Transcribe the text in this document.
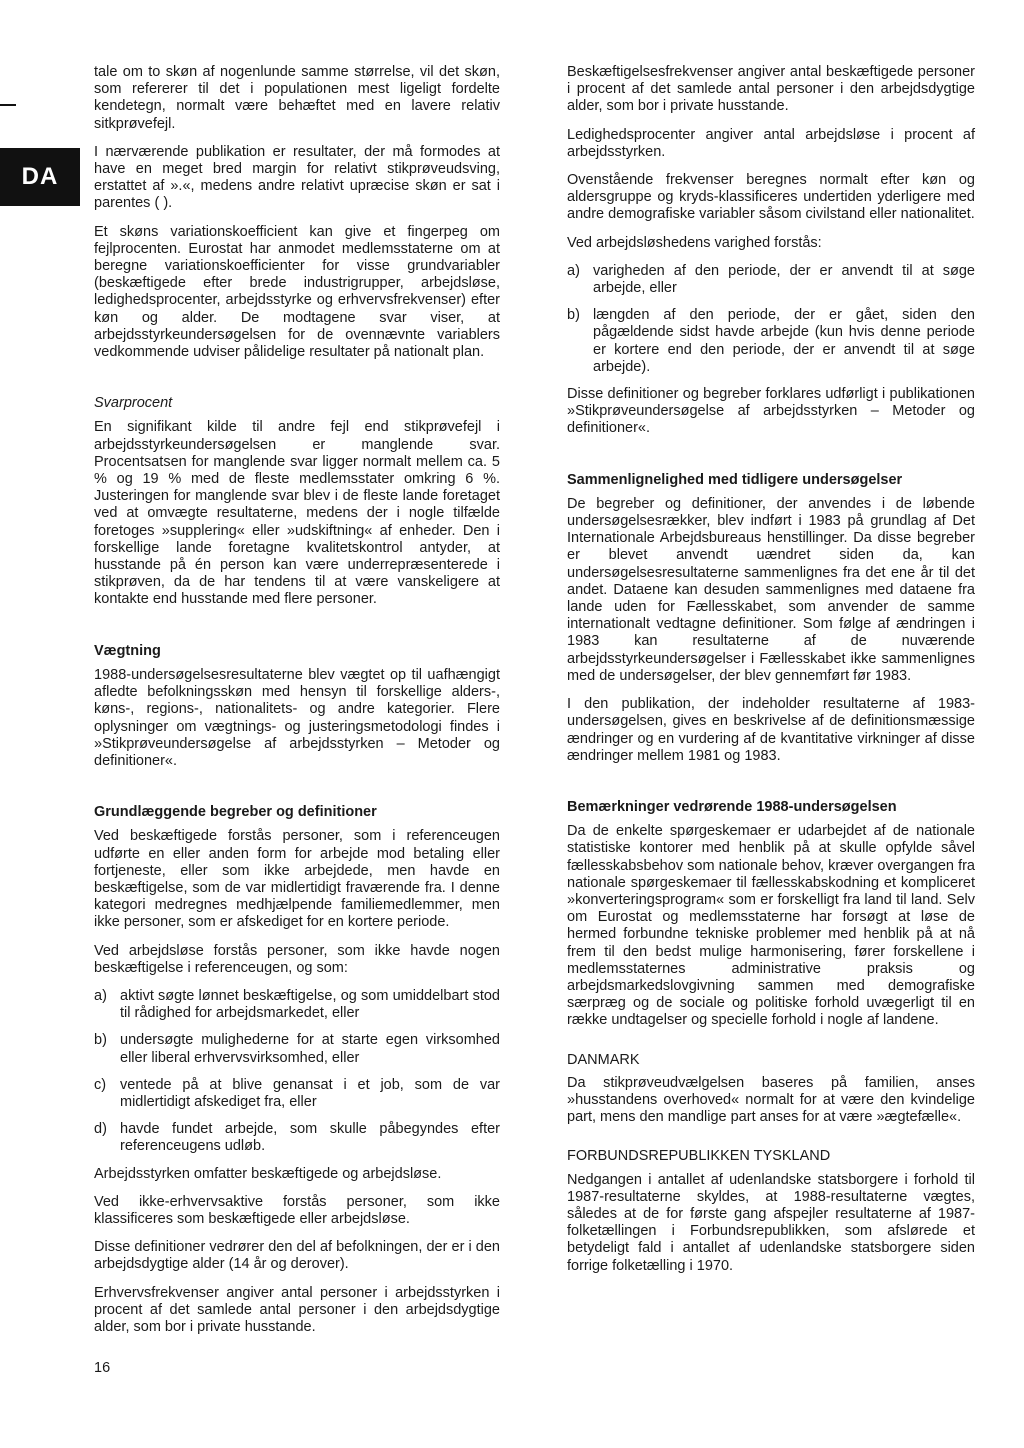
DA

tale om to skøn af nogenlunde samme størrelse, vil det skøn, som refererer til det i populationen mest ligeligt fordelte kendetegn, normalt være behæftet med en lavere relativ sitkprøvefejl.

I nærværende publikation er resultater, der må formodes at have en meget bred margin for relativt stikprøveudsving, erstattet af ».«, medens andre relativt upræcise skøn er sat i parentes ( ).

Et skøns variationskoefficient kan give et fingerpeg om fejlprocenten. Eurostat har anmodet medlemsstaterne om at beregne variationskoefficienter for visse grundvariabler (beskæftigede efter brede industrigrupper, arbejdsløse, ledighedsprocenter, arbejdsstyrke og erhvervsfrekvenser) efter køn og alder. De modtagene svar viser, at arbejdsstyrkeundersøgelsen for de ovennævnte variablers vedkommende udviser pålidelige resultater på nationalt plan.

Svarprocent

En signifikant kilde til andre fejl end stikprøvefejl i arbejdsstyrkeundersøgelsen er manglende svar. Procentsatsen for manglende svar ligger normalt mellem ca. 5 % og 19 % med de fleste medlemsstater omkring 6 %. Justeringen for manglende svar blev i de fleste lande foretaget ved at omvægte resultaterne, medens der i nogle tilfælde foretoges »supplering« eller »udskiftning« af enheder. Den i forskellige lande foretagne kvalitetskontrol antyder, at husstande på én person kan være underrepræsenterede i stikprøven, da de har tendens til at være vanskeligere at kontakte end husstande med flere personer.

Vægtning

1988-undersøgelsesresultaterne blev vægtet op til uafhængigt afledte befolkningsskøn med hensyn til forskellige alders-, køns-, regions-, nationalitets- og andre kategorier. Flere oplysninger om vægtnings- og justeringsmetodologi findes i »Stikprøveundersøgelse af arbejdsstyrken – Metoder og definitioner«.

Grundlæggende begreber og definitioner

Ved beskæftigede forstås personer, som i referenceugen udførte en eller anden form for arbejde mod betaling eller fortjeneste, eller som ikke arbejdede, men havde en beskæftigelse, som de var midlertidigt fraværende fra. I denne kategori medregnes medhjælpende familiemedlemmer, men ikke personer, som er afskediget for en kortere periode.

Ved arbejdsløse forstås personer, som ikke havde nogen beskæftigelse i referenceugen, og som:

a) aktivt søgte lønnet beskæftigelse, og som umiddelbart stod til rådighed for arbejdsmarkedet, eller
b) undersøgte mulighederne for at starte egen virksomhed eller liberal erhvervsvirksomhed, eller
c) ventede på at blive genansat i et job, som de var midlertidigt afskediget fra, eller
d) havde fundet arbejde, som skulle påbegyndes efter referenceugens udløb.

Arbejdsstyrken omfatter beskæftigede og arbejdsløse.

Ved ikke-erhvervsaktive forstås personer, som ikke klassificeres som beskæftigede eller arbejdsløse.

Disse definitioner vedrører den del af befolkningen, der er i den arbejdsdygtige alder (14 år og derover).

Erhvervsfrekvenser angiver antal personer i arbejdsstyrken i procent af det samlede antal personer i den arbejdsdygtige alder, som bor i private husstande.

Beskæftigelsesfrekvenser angiver antal beskæftigede personer i procent af det samlede antal personer i den arbejdsdygtige alder, som bor i private husstande.

Ledighedsprocenter angiver antal arbejdsløse i procent af arbejdsstyrken.

Ovenstående frekvenser beregnes normalt efter køn og aldersgruppe og kryds-klassificeres undertiden yderligere med andre demografiske variabler såsom civilstand eller nationalitet.

Ved arbejdsløshedens varighed forstås:

a) varigheden af den periode, der er anvendt til at søge arbejde, eller
b) længden af den periode, der er gået, siden den pågældende sidst havde arbejde (kun hvis denne periode er kortere end den periode, der er anvendt til at søge arbejde).

Disse definitioner og begreber forklares udførligt i publikationen »Stikprøveundersøgelse af arbejdsstyrken – Metoder og definitioner«.

Sammenlignelighed med tidligere undersøgelser

De begreber og definitioner, der anvendes i de løbende undersøgelsesrækker, blev indført i 1983 på grundlag af Det Internationale Arbejdsbureaus henstillinger. Da disse begreber er blevet anvendt uændret siden da, kan undersøgelsesresultaterne sammenlignes fra det ene år til det andet. Dataene kan desuden sammenlignes med dataene fra lande uden for Fællesskabet, som anvender de samme internationalt vedtagne definitioner. Som følge af ændringen i 1983 kan resultaterne af de nuværende arbejdsstyrkeundersøgelser i Fællesskabet ikke sammenlignes med de undersøgelser, der blev gennemført før 1983.

I den publikation, der indeholder resultaterne af 1983-undersøgelsen, gives en beskrivelse af de definitionsmæssige ændringer og en vurdering af de kvantitative virkninger af disse ændringer mellem 1981 og 1983.

Bemærkninger vedrørende 1988-undersøgelsen

Da de enkelte spørgeskemaer er udarbejdet af de nationale statistiske kontorer med henblik på at skulle opfylde såvel fællesskabsbehov som nationale behov, kræver overgangen fra nationale spørgeskemaer til fællesskabskodning et kompliceret »konverteringsprogram« som er forskelligt fra land til land. Selv om Eurostat og medlemsstaterne har forsøgt at løse de hermed forbundne tekniske problemer med henblik på at nå frem til den bedst mulige harmonisering, fører forskellene i medlemsstaternes administrative praksis og arbejdsmarkedslovgivning sammen med demografiske særpræg og de sociale og politiske forhold uvægerligt til en række undtagelser og specielle forhold i nogle af landene.

DANMARK

Da stikprøveudvælgelsen baseres på familien, anses »husstandens overhoved« normalt for at være den kvindelige part, mens den mandlige part anses for at være »ægtefælle«.

FORBUNDSREPUBLIKKEN TYSKLAND

Nedgangen i antallet af udenlandske statsborgere i forhold til 1987-resultaterne skyldes, at 1988-resultaterne vægtes, således at de for første gang afspejler resultaterne af 1987-folketællingen i Forbundsrepublikken, som afslørede et betydeligt fald i antallet af udenlandske statsborgere siden forrige folketælling i 1970.

16
